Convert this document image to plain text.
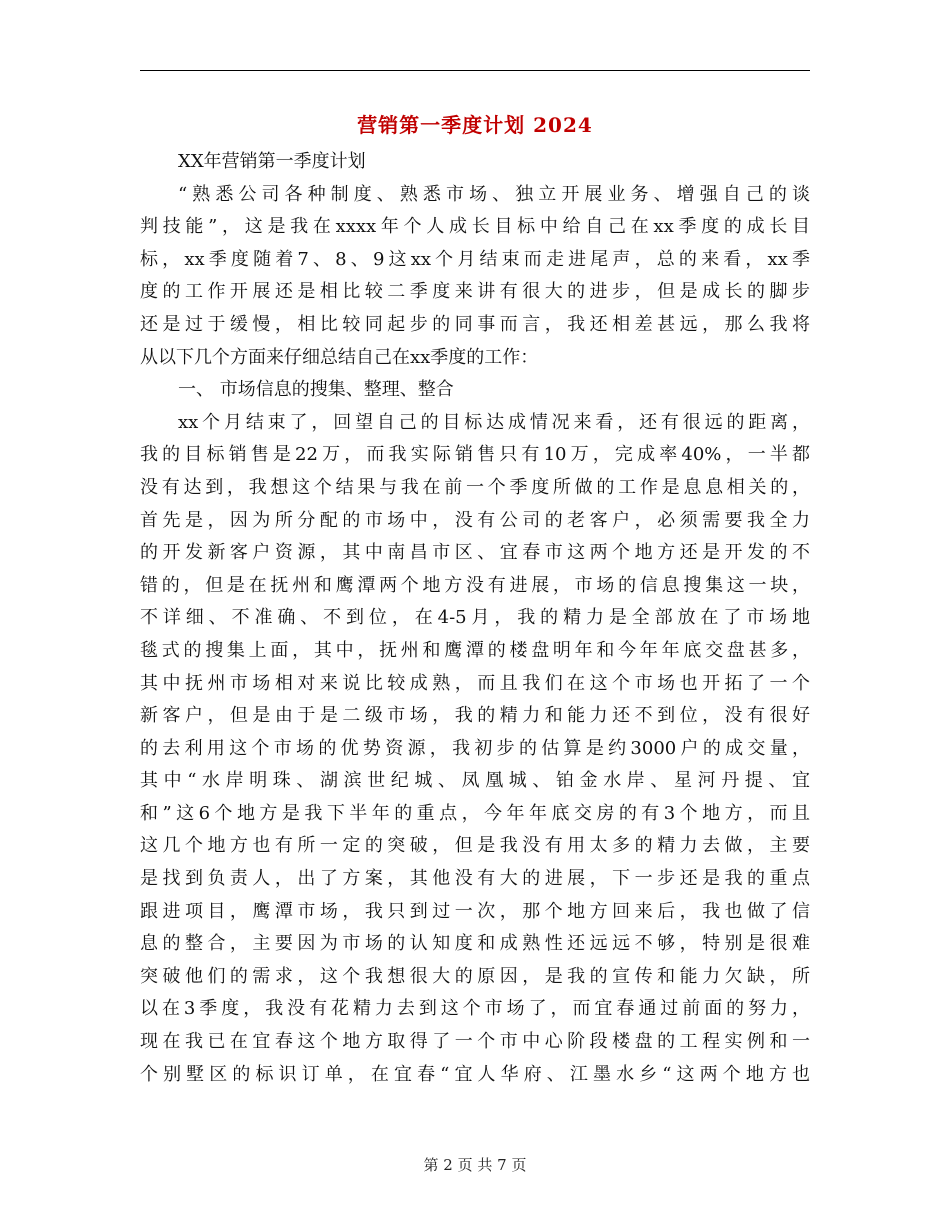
营销第一季度计划 2024
XX年营销第一季度计划
“熟悉公司各种制度、熟悉市场、独立开展业务、增强自己的谈
判技能”，这是我在xxxx年个人成长目标中给自己在xx季度的成长目
标，xx季度随着7、8、9这xx个月结束而走进尾声，总的来看，xx季
度的工作开展还是相比较二季度来讲有很大的进步，但是成长的脚步
还是过于缓慢，相比较同起步的同事而言，我还相差甚远，那么我将
从以下几个方面来仔细总结自己在xx季度的工作：
一、 市场信息的搜集、整理、整合
xx个月结束了，回望自己的目标达成情况来看，还有很远的距离，
我的目标销售是22万，而我实际销售只有10万，完成率40%，一半都
没有达到，我想这个结果与我在前一个季度所做的工作是息息相关的，
首先是，因为所分配的市场中，没有公司的老客户，必须需要我全力
的开发新客户资源，其中南昌市区、宜春市这两个地方还是开发的不
错的，但是在抚州和鹰潭两个地方没有进展，市场的信息搜集这一块，
不详细、不准确、不到位，在4-5月，我的精力是全部放在了市场地
毯式的搜集上面，其中，抚州和鹰潭的楼盘明年和今年年底交盘甚多，
其中抚州市场相对来说比较成熟，而且我们在这个市场也开拓了一个
新客户，但是由于是二级市场，我的精力和能力还不到位，没有很好
的去利用这个市场的优势资源，我初步的估算是约3000户的成交量，
其中“水岸明珠、湖滨世纪城、凤凰城、铂金水岸、星河丹提、宜
和”这6个地方是我下半年的重点，今年年底交房的有3个地方，而且
这几个地方也有所一定的突破，但是我没有用太多的精力去做，主要
是找到负责人，出了方案，其他没有大的进展，下一步还是我的重点
跟进项目，鹰潭市场，我只到过一次，那个地方回来后，我也做了信
息的整合，主要因为市场的认知度和成熟性还远远不够，特别是很难
突破他们的需求，这个我想很大的原因，是我的宣传和能力欠缺，所
以在3季度，我没有花精力去到这个市场了，而宜春通过前面的努力，
现在我已在宜春这个地方取得了一个市中心阶段楼盘的工程实例和一
个别墅区的标识订单，在宜春“宜人华府、江墨水乡“这两个地方也
第 2 页 共 7 页
